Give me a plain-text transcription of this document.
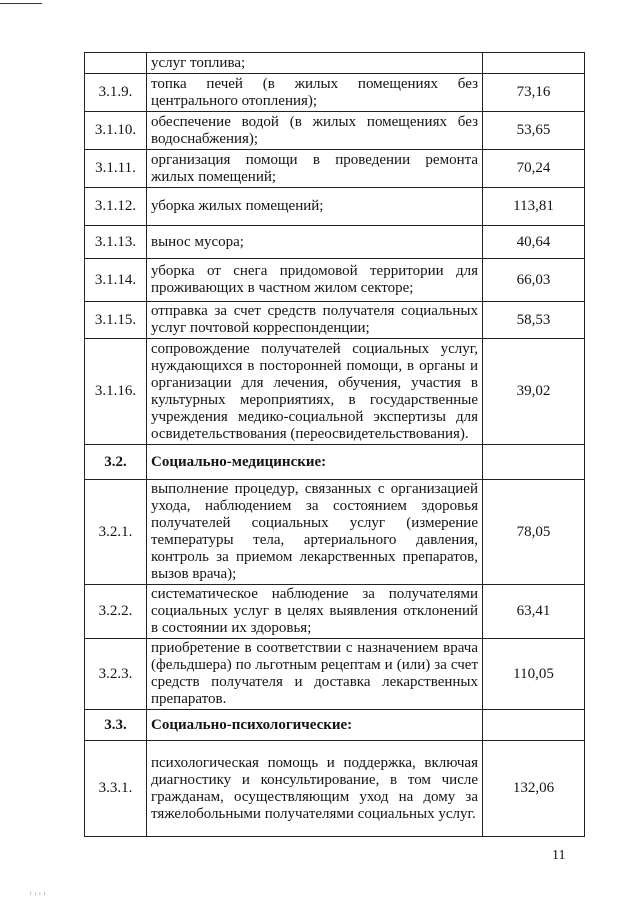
	услуг топлива;	
3.1.9.	топка печей (в жилых помещениях без центрального отопления);	73,16
3.1.10.	обеспечение водой (в жилых помещениях без водоснабжения);	53,65
3.1.11.	организация помощи в проведении ремонта жилых помещений;	70,24
3.1.12.	уборка жилых помещений;	113,81
3.1.13.	вынос мусора;	40,64
3.1.14.	уборка от снега придомовой территории для проживающих в частном жилом секторе;	66,03
3.1.15.	отправка за счет средств получателя социальных услуг почтовой корреспонденции;	58,53
3.1.16.	сопровождение получателей социальных услуг, нуждающихся в посторонней помощи, в органы и организации для лечения, обучения, участия в культурных мероприятиях, в государственные учреждения медико-социальной экспертизы для освидетельствования (переосвидетельствования).	39,02
3.2.	Социально-медицинские:	
3.2.1.	выполнение процедур, связанных с организацией ухода, наблюдением за состоянием здоровья получателей социальных услуг (измерение температуры тела, артериального давления, контроль за приемом лекарственных препаратов, вызов врача);	78,05
3.2.2.	систематическое наблюдение за получателями социальных услуг в целях выявления отклонений в состоянии их здоровья;	63,41
3.2.3.	приобретение в соответствии с назначением врача (фельдшера) по льготным рецептам и (или) за счет средств получателя и доставка лекарственных препаратов.	110,05
3.3.	Социально-психологические:	
3.3.1.	психологическая помощь и поддержка, включая диагностику и консультирование, в том числе гражданам, осуществляющим уход на дому за тяжелобольными получателями социальных услуг.	132,06
11
l ı ı l
